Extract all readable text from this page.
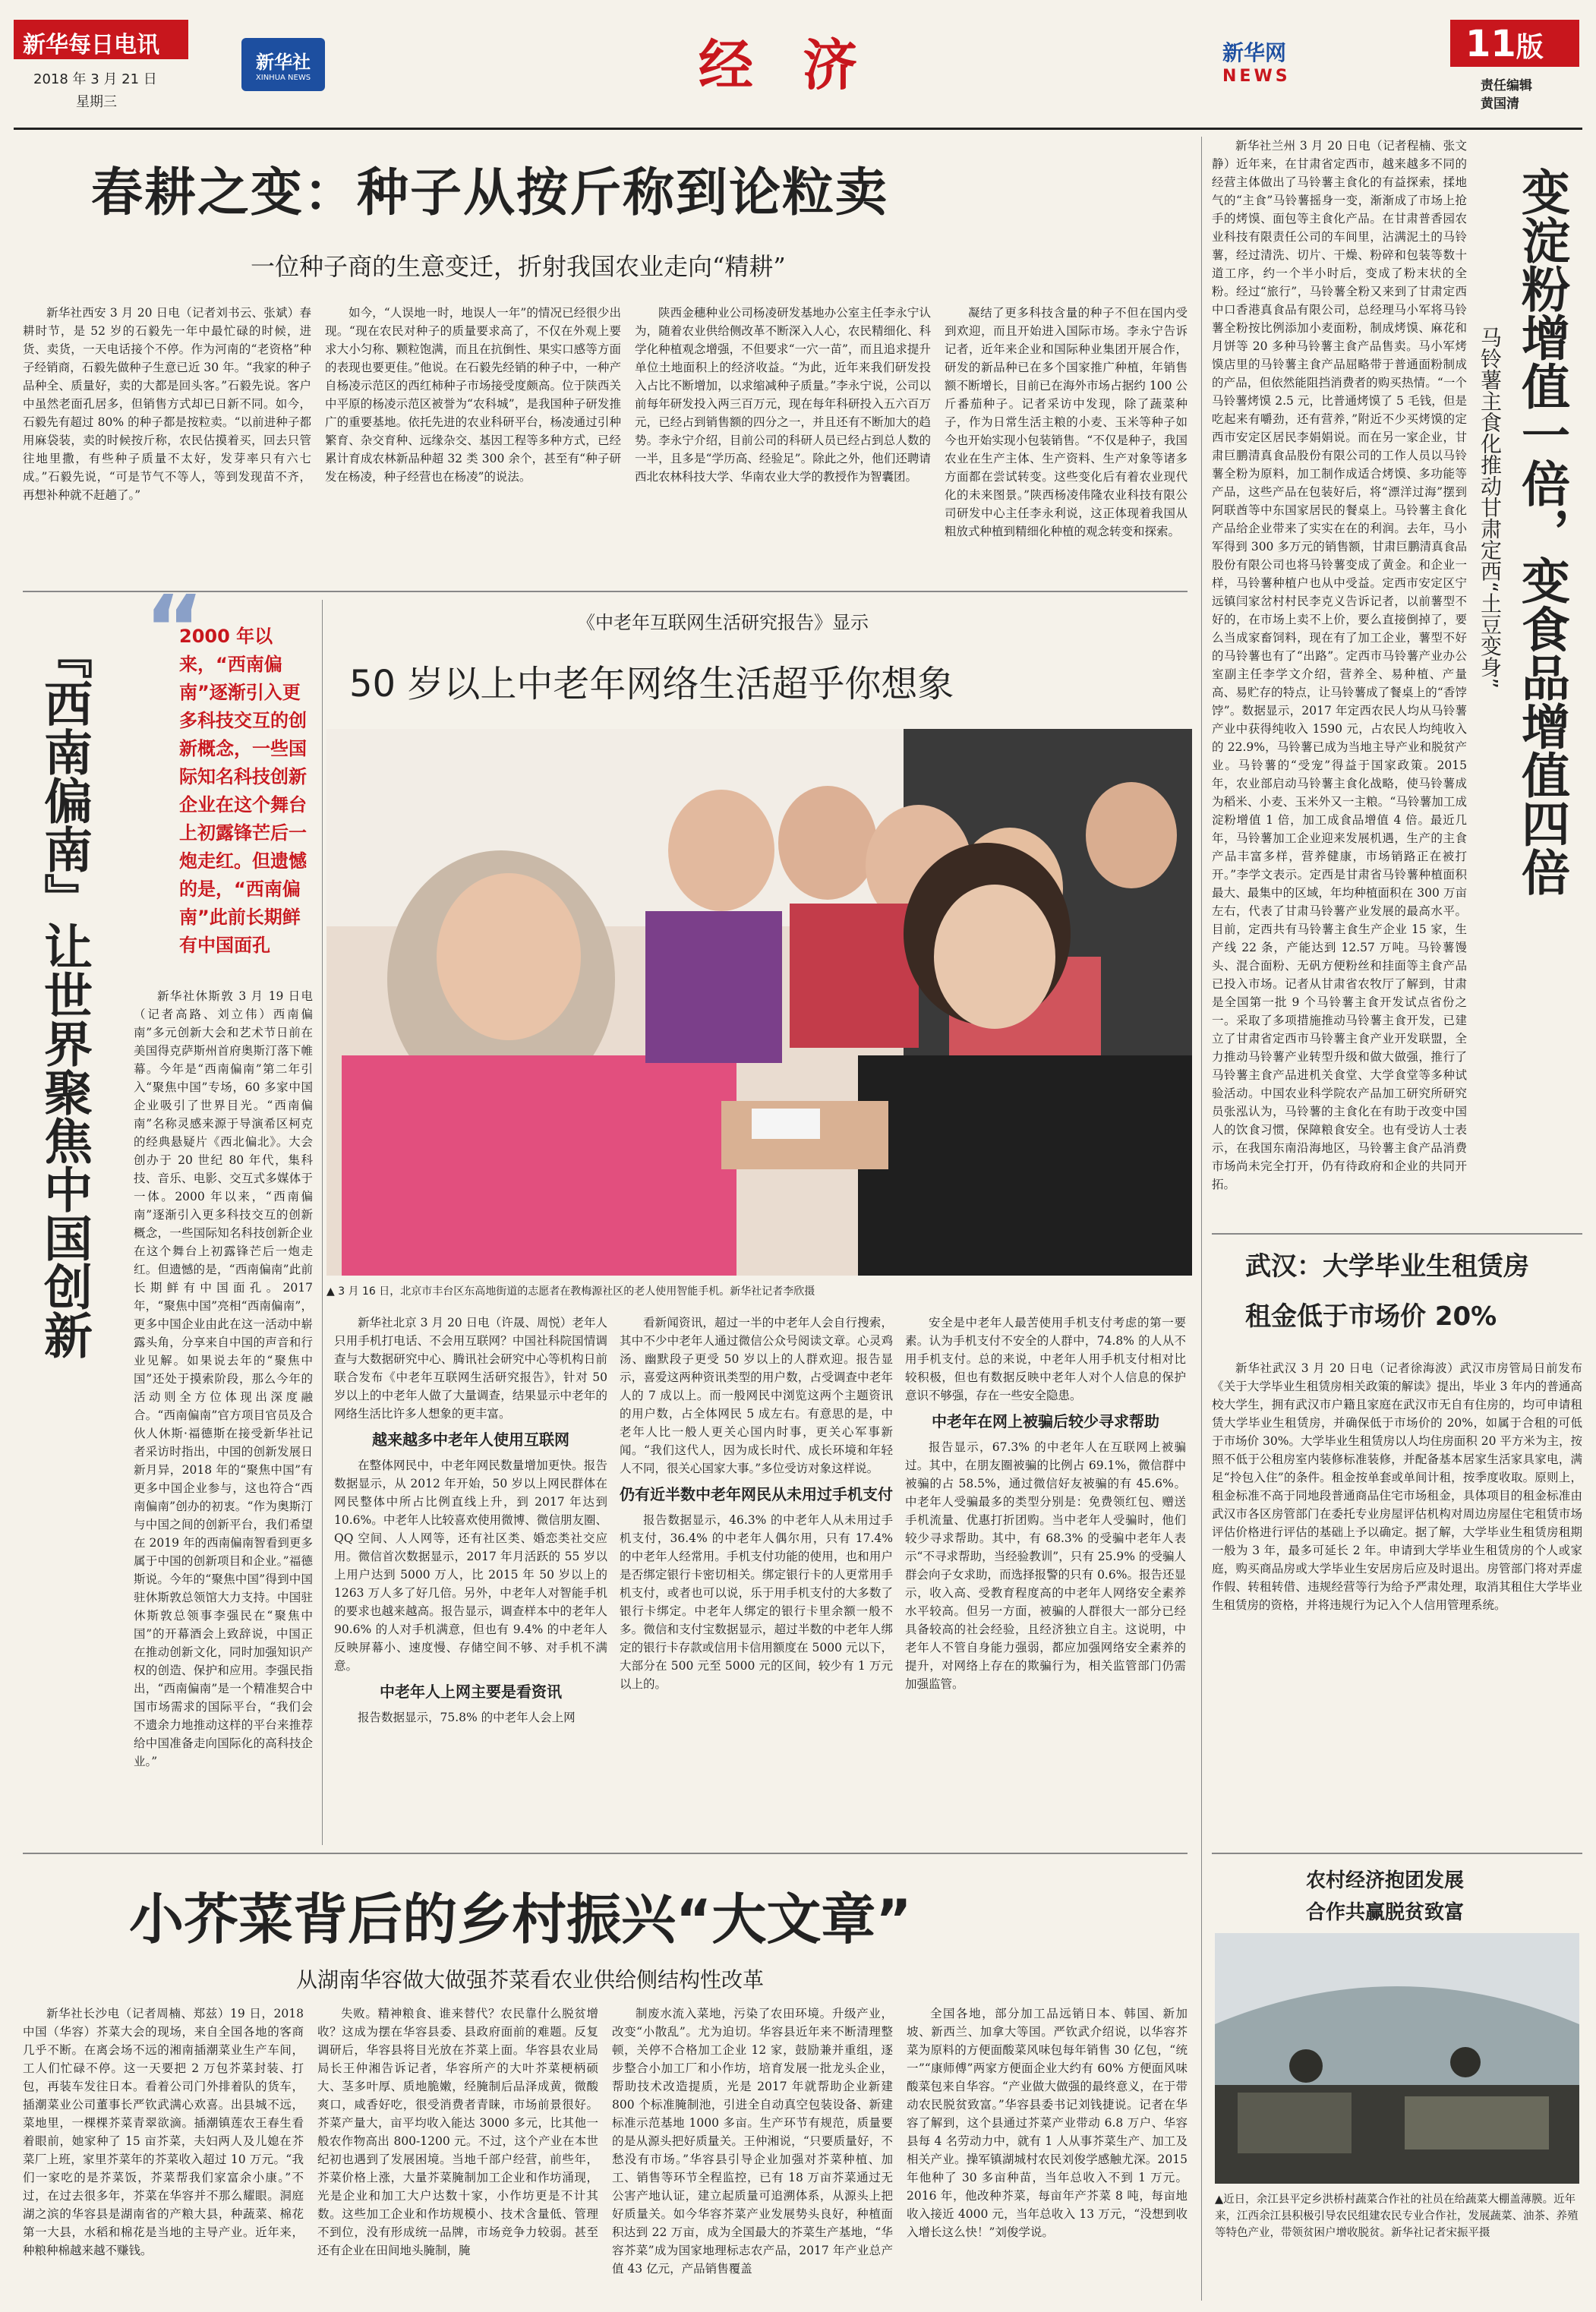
新华每日电讯
2018 年 3 月 21 日
星期三
新华社
XINHUA NEWS	经 济	新华网
NEWS
11版
责任编辑
黄国清
春耕之变：种子从按斤称到论粒卖
一位种子商的生意变迁，折射我国农业走向“精耕”

新华社西安 3 月 20 日电（记者刘书云、张斌）春耕时节，是 52 岁的石毅先一年中最忙碌的时候，进货、卖货，一天电话接个不停。作为河南的“老资格”种子经销商，石毅先做种子生意已近 30 年。“我家的种子品种全、质量好，卖的大都是回头客。”石毅先说。客户中虽然老面孔居多，但销售方式却已日新不同。如今，石毅先有超过 80% 的种子都是按粒卖。“以前进种子都用麻袋装，卖的时候按斤称，农民估摸着买，回去只管往地里撒，有些种子质量不太好，发芽率只有六七成。”石毅先说，“可是节气不等人，等到发现苗不齐，再想补种就不赶趟了。”

如今，“人误地一时，地误人一年”的情况已经很少出现。“现在农民对种子的质量要求高了，不仅在外观上要求大小匀称、颗粒饱满，而且在抗倒性、果实口感等方面的表现也要更佳。”他说。在石毅先经销的种子中，一种产自杨凌示范区的西红柿种子市场接受度颇高。位于陕西关中平原的杨凌示范区被誉为“农科城”，是我国种子研发推广的重要基地。依托先进的农业科研平台，杨凌通过引种繁育、杂交育种、远缘杂交、基因工程等多种方式，已经累计育成农林新品种超 32 类 300 余个，甚至有“种子研发在杨凌，种子经营也在杨凌”的说法。

陕西金穗种业公司杨凌研发基地办公室主任李永宁认为，随着农业供给侧改革不断深入人心，农民精细化、科学化种植观念增强，不但要求“一穴一苗”，而且追求提升单位土地面积上的经济收益。“为此，近年来我们研发投入占比不断增加，以求缩减种子质量。”李永宁说，公司以前每年研发投入两三百万元，现在每年科研投入五六百万元，已经占到销售额的四分之一，并且还有不断加大的趋势。李永宁介绍，目前公司的科研人员已经占到总人数的一半，且多是“学历高、经验足”。除此之外，他们还聘请西北农林科技大学、华南农业大学的教授作为智囊团。

凝结了更多科技含量的种子不但在国内受到欢迎，而且开始进入国际市场。李永宁告诉记者，近年来企业和国际种业集团开展合作，研发的新品种已在多个国家推广种植，年销售额不断增长，目前已在海外市场占据约 100 公斤番茄种子。记者采访中发现，除了蔬菜种子，作为日常生活主粮的小麦、玉米等种子如今也开始实现小包装销售。“不仅是种子，我国农业在生产主体、生产资料、生产对象等诸多方面都在尝试转变。这些变化后有着农业现代化的未来图景。”陕西杨凌伟隆农业科技有限公司研发中心主任李永利说，这正体现着我国从粗放式种植到精细化种植的观念转变和探索。

『西南偏南』让世界聚焦中国创新
“
2000 年以来，“西南偏南”逐渐引入更多科技交互的创新概念，一些国际知名科技创新企业在这个舞台上初露锋芒后一炮走红。但遗憾的是，“西南偏南”此前长期鲜有中国面孔

新华社休斯敦 3 月 19 日电（记者高路、刘立伟）西南偏南”多元创新大会和艺术节日前在美国得克萨斯州首府奥斯汀落下帷幕。今年是“西南偏南”第二年引入“聚焦中国”专场，60 多家中国企业吸引了世界目光。“西南偏南”名称灵感来源于导演希区柯克的经典悬疑片《西北偏北》。大会创办于 20 世纪 80 年代，集科技、音乐、电影、交互式多媒体于一体。2000 年以来，“西南偏南”逐渐引入更多科技交互的创新概念，一些国际知名科技创新企业在这个舞台上初露锋芒后一炮走红。但遗憾的是，“西南偏南”此前长期鲜有中国面孔。2017 年，“聚焦中国”亮相“西南偏南”，更多中国企业由此在这一活动中崭露头角，分享来自中国的声音和行业见解。如果说去年的“聚焦中国”还处于摸索阶段，那么今年的活动则全方位体现出深度融合。“西南偏南”官方项目官员及合伙人休斯·福德斯在接受新华社记者采访时指出，中国的创新发展日新月异，2018 年的“聚焦中国”有更多中国企业参与，这也符合“西南偏南”创办的初衷。“作为奥斯汀与中国之间的创新平台，我们希望在 2019 年的西南偏南智看到更多属于中国的创新项目和企业。”福德斯说。今年的“聚焦中国”得到中国驻休斯敦总领馆大力支持。中国驻休斯敦总领事李强民在“聚焦中国”的开幕酒会上致辞说，中国正在推动创新文化，同时加强知识产权的创造、保护和应用。李强民指出，“西南偏南”是一个精准契合中国市场需求的国际平台，“我们会不遗余力地推动这样的平台来推荐给中国准备走向国际化的高科技企业。”

《中老年互联网生活研究报告》显示
50 岁以上中老年网络生活超乎你想象
▲ 3 月 16 日，北京市丰台区东高地街道的志愿者在教梅源社区的老人使用智能手机。新华社记者李欣摄

新华社北京 3 月 20 日电（许晟、周悦）老年人只用手机打电话、不会用互联网？中国社科院国情调查与大数据研究中心、腾讯社会研究中心等机构日前联合发布《中老年互联网生活研究报告》，针对 50 岁以上的中老年人做了大量调查，结果显示中老年的网络生活比许多人想象的更丰富。

越来越多中老年人使用互联网

在整体网民中，中老年网民数量增加更快。报告数据显示，从 2012 年开始，50 岁以上网民群体在网民整体中所占比例直线上升，到 2017 年达到 10.6%。中老年人比较喜欢使用微博、微信朋友圈、QQ 空间、人人网等，还有社区类、婚恋类社交应用。微信首次数据显示，2017 年月活跃的 55 岁以上用户达到 5000 万人，比 2015 年 50 岁以上的 1263 万人多了好几倍。另外，中老年人对智能手机的要求也越来越高。报告显示，调查样本中的老年人 90.6% 的人对手机满意，但也有 9.4% 的中老年人反映屏幕小、速度慢、存储空间不够、对手机不满意。

中老年人上网主要是看资讯

报告数据显示，75.8% 的中老年人会上网

看新闻资讯，超过一半的中老年人会自行搜索，其中不少中老年人通过微信公众号阅读文章。心灵鸡汤、幽默段子更受 50 岁以上的人群欢迎。报告显示，喜爱这两种资讯类型的用户数，占受调查中老年人的 7 成以上。而一般网民中浏览这两个主题资讯的用户数，占全体网民 5 成左右。有意思的是，中老年人比一般人更关心国内时事，更关心军事新闻。“我们这代人，因为成长时代、成长环境和年轻人不同，很关心国家大事。”多位受访对象这样说。

仍有近半数中老年网民从未用过手机支付

报告数据显示，46.3% 的中老年人从未用过手机支付，36.4% 的中老年人偶尔用，只有 17.4% 的中老年人经常用。手机支付功能的使用，也和用户是否绑定银行卡密切相关。绑定银行卡的人更常用手机支付，或者也可以说，乐于用手机支付的大多数了银行卡绑定。中老年人绑定的银行卡里余额一般不多。微信和支付宝数据显示，超过半数的中老年人绑定的银行卡存款或信用卡信用额度在 5000 元以下，大部分在 500 元至 5000 元的区间，较少有 1 万元以上的。

安全是中老年人最苦使用手机支付考虑的第一要素。认为手机支付不安全的人群中，74.8% 的人从不用手机支付。总的来说，中老年人用手机支付相对比较积极，但也有数据反映中老年人对个人信息的保护意识不够强，存在一些安全隐患。

中老年在网上被骗后较少寻求帮助

报告显示，67.3% 的中老年人在互联网上被骗过。其中，在朋友圈被骗的比例占 69.1%，微信群中被骗的占 58.5%，通过微信好友被骗的有 45.6%。中老年人受骗最多的类型分别是：免费领红包、赠送手机流量、优惠打折团购。当中老年人受骗时，他们较少寻求帮助。其中，有 68.3% 的受骗中老年人表示“不寻求帮助，当经验教训”，只有 25.9% 的受骗人群会向子女求助，而选择报警的只有 0.6%。报告还显示，收入高、受教育程度高的中老年人网络安全素养水平较高。但另一方面，被骗的人群很大一部分已经具备较高的社会经验，且经济独立自主。这说明，中老年人不管自身能力强弱，都应加强网络安全素养的提升，对网络上存在的欺骗行为，相关监管部门仍需加强监管。

小芥菜背后的乡村振兴“大文章”
从湖南华容做大做强芥菜看农业供给侧结构性改革

新华社长沙电（记者周楠、郑兹）19 日，2018 中国（华容）芥菜大会的现场，来自全国各地的客商几乎不断。在离会场不远的湘南插潮菜业生产车间，工人们忙碌不停。这一天要把 2 万包芥菜封装、打包，再装车发往日本。看着公司门外排着队的货车，插潮菜业公司董事长严钦武满心欢喜。出县城不远，菜地里，一棵棵芥菜青翠欲滴。插潮镇莲农王春生看着眼前，她家种了 15 亩芥菜，夫妇两人及儿媳在芥菜厂上班，家里芥菜年的芥菜收入超过 10 万元。“我们一家吃的是芥菜饭，芥菜帮我们家富余小康。”不过，在过去很多年，芥菜在华容并不那么耀眼。洞庭湖之滨的华容县是湖南省的产粮大县，种蔬菜、棉花第一大县，水稻和棉花是当地的主导产业。近年来，种粮种棉越来越不赚钱。

失败。精神粮食、谁来替代？农民靠什么脱贫增收？这成为摆在华容县委、县政府面前的难题。反复调研后，华容县将目光放在芥菜上面。华容县农业局局长王仲湘告诉记者，华容所产的大叶芥菜梗柄硕大、茎多叶厚、质地脆嫩，经腌制后品泽成黄，微酸爽口，咸香好吃，很受消费者青睐，市场前景很好。芥菜产量大，亩平均收入能达 3000 多元，比其他一般农作物高出 800-1200 元。不过，这个产业在本世纪初也遇到了发展困境。当地千部户经营，前些年，芥菜价格上涨，大量芥菜腌制加工企业和作坊涌现，光是企业和加工大户达数十家，小作坊更是不计其数。这些加工企业和作坊规模小、技术含量低、管理不到位，没有形成统一品牌，市场竞争力较弱。甚至还有企业在田间地头腌制，腌

制废水流入菜地，污染了农田环境。升级产业，改变“小散乱”。尤为迫切。华容县近年来不断清理整顿，关停不合格加工企业 12 家，鼓励兼并重组，逐步整合小加工厂和小作坊，培育发展一批龙头企业，帮助技术改造提质，光是 2017 年就帮助企业新建 800 个标准腌制池，引进全自动真空包装设备、新建标准示范基地 1000 多亩。生产环节有规范，质量要的是从源头把好质量关。王仲湘说，“只要质量好，不愁没有市场。”华容县引导企业加强对芥菜种植、加工、销售等环节全程监控，已有 18 万亩芥菜通过无公害产地认证，建立起质量可追溯体系，从源头上把好质量关。如今华容芥菜产业发展势头良好，种植面积达到 22 万亩，成为全国最大的芥菜生产基地，“华容芥菜”成为国家地理标志农产品，2017 年产业总产值 43 亿元，产品销售覆盖

全国各地，部分加工品远销日本、韩国、新加坡、新西兰、加拿大等国。严钦武介绍说，以华容芥菜为原料的方便面酸菜风味包每年销售 30 亿包，“统一”“康师傅”两家方便面企业大约有 60% 方便面风味酸菜包来自华容。“产业做大做强的最终意义，在于带动农民脱贫致富。”华容县委书记刘钱捷说。记者在华容了解到，这个县通过芥菜产业带动 6.8 万户、华容县每 4 名劳动力中，就有 1 人从事芥菜生产、加工及相关产业。操军镇湖城村农民刘俊学感触尤深。2015 年他种了 30 多亩种苗，当年总收入不到 1 万元。2016 年，他改种芥菜，每亩年产芥菜 8 吨，每亩地收入接近 4000 元，当年总收入 13 万元，“没想到收入增长这么快！”刘俊学说。

新华社兰州 3 月 20 日电（记者程楠、张文静）近年来，在甘肃省定西市，越来越多不同的经营主体做出了马铃薯主食化的有益探索，揉地气的“主食”马铃薯摇身一变，渐渐成了市场上抢手的烤馍、面包等主食化产品。在甘肃普香园农业科技有限责任公司的车间里，沾满泥土的马铃薯，经过清洗、切片、干燥、粉碎和包装等数十道工序，约一个半小时后，变成了粉末状的全粉。经过“旅行”，马铃薯全粉又来到了甘肃定西中口香港真食品有限公司，总经理马小军将马铃薯全粉按比例添加小麦面粉，制成烤馍、麻花和月饼等 20 多种马铃薯主食产品售卖。马小军烤馍店里的马铃薯主食产品屈略带于普通面粉制成的产品，但依然能阻挡消费者的购买热情。“一个马铃薯烤馍 2.5 元，比普通烤馍了 5 毛钱，但是吃起来有嚼劲，还有营养，”附近不少买烤馍的定西市安定区居民李娟娟说。而在另一家企业，甘肃巨鹏清真食品股份有限公司的工作人员以马铃薯全粉为原料，加工制作成适合烤馍、多功能等产品，这些产品在包装好后，将“漂洋过海”摆到阿联酋等中东国家居民的餐桌上。马铃薯主食化产品给企业带来了实实在在的利润。去年，马小军得到 300 多万元的销售额，甘肃巨鹏清真食品股份有限公司也将马铃薯变成了黄金。和企业一样，马铃薯种植户也从中受益。定西市安定区宁远镇闫家岔村村民李克义告诉记者，以前薯型不好的，在市场上卖不上价，要么直接倒掉了，要么当成家畜饲料，现在有了加工企业，薯型不好的马铃薯也有了“出路”。定西市马铃薯产业办公室副主任李学文介绍，营养全、易种植、产量高、易贮存的特点，让马铃薯成了餐桌上的“香饽饽”。数据显示，2017 年定西农民人均从马铃薯产业中获得纯收入 1590 元，占农民人均纯收入的 22.9%，马铃薯已成为当地主导产业和脱贫产业。马铃薯的“受宠”得益于国家政策。2015 年，农业部启动马铃薯主食化战略，使马铃薯成为稻米、小麦、玉米外又一主粮。“马铃薯加工成淀粉增值 1 倍，加工成食品增值 4 倍。最近几年，马铃薯加工企业迎来发展机遇，生产的主食产品丰富多样，营养健康，市场销路正在被打开。”李学文表示。定西是甘肃省马铃薯种植面积最大、最集中的区域，年均种植面积在 300 万亩左右，代表了甘肃马铃薯产业发展的最高水平。目前，定西共有马铃薯主食生产企业 15 家，生产线 22 条，产能达到 12.57 万吨。马铃薯馒头、混合面粉、无矾方便粉丝和挂面等主食产品已投入市场。记者从甘肃省农牧厅了解到，甘肃是全国第一批 9 个马铃薯主食开发试点省份之一。采取了多项措施推动马铃薯主食开发，已建立了甘肃省定西市马铃薯主食产业开发联盟，全力推动马铃薯产业转型升级和做大做强，推行了马铃薯主食产品进机关食堂、大学食堂等多种试验活动。中国农业科学院农产品加工研究所研究员张泓认为，马铃薯的主食化在有助于改变中国人的饮食习惯，保障粮食安全。也有受访人士表示，在我国东南沿海地区，马铃薯主食产品消费市场尚未完全打开，仍有待政府和企业的共同开拓。

变淀粉增值一倍，变食品增值四倍
马铃薯主食化推动甘肃定西“土豆变身”
武汉：大学毕业生租赁房
租金低于市场价 20%

新华社武汉 3 月 20 日电（记者徐海波）武汉市房管局日前发布《关于大学毕业生租赁房相关政策的解读》提出，毕业 3 年内的普通高校大学生，拥有武汉市户籍且家庭在武汉市无自有住房的，均可申请租赁大学毕业生租赁房，并确保低于市场价的 20%，如属于合租的可低于市场价 30%。大学毕业生租赁房以人均住房面积 20 平方米为主，按照不低于公租房室内装修标准装修，并配备基本居家生活家具家电，满足“拎包入住”的条件。租金按单套或单间计租，按季度收取。原则上，租金标准不高于同地段普通商品住宅市场租金，具体项目的租金标准由武汉市各区房管部门在委托专业房屋评估机构对周边房屋住宅租赁市场评估价格进行评估的基础上予以确定。据了解，大学毕业生租赁房租期一般为 3 年，最多可延长 2 年。申请到大学毕业生租赁房的个人或家庭，购买商品房或大学毕业生安居房后应及时退出。房管部门将对弄虚作假、转租转借、违规经营等行为给予严肃处理，取消其租住大学毕业生租赁房的资格，并将违规行为记入个人信用管理系统。

农村经济抱团发展
合作共赢脱贫致富
▲近日，余江县平定乡洪桥村蔬菜合作社的社员在给蔬菜大棚盖薄膜。近年来，江西余江县积极引导农民组建农民专业合作社，发展蔬菜、油茶、养殖等特色产业，带领贫困户增收脱贫。新华社记者宋振平摄
